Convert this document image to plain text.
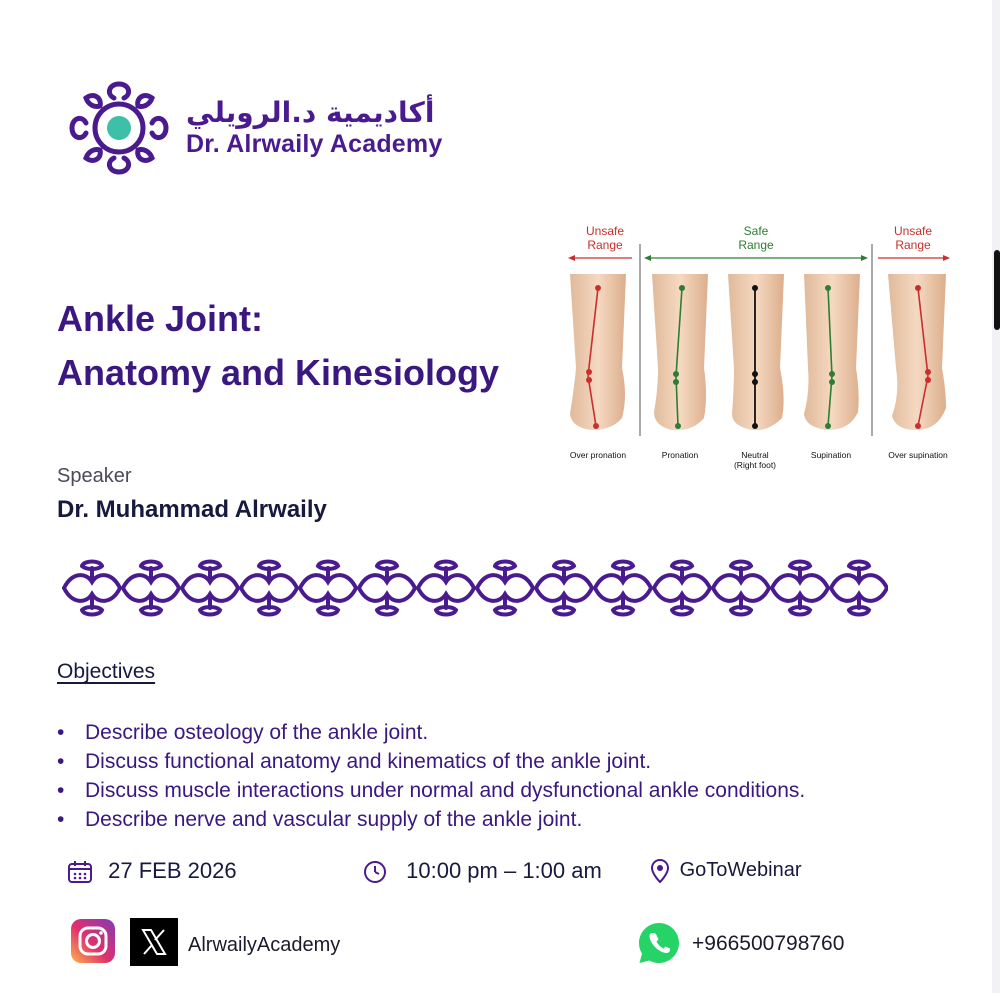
أكاديمية د.الرويلي
Dr. Alrwaily Academy
Ankle Joint:
Anatomy and Kinesiology
Unsafe
Range
Safe
Range
Unsafe
Range
Over pronation	Pronation	Neutral
(Right foot)
Supination	Over supination
Speaker
Dr. Muhammad Alrwaily
Objectives
• Describe osteology of the ankle joint.
• Discuss functional anatomy and kinematics of the ankle joint.
• Discuss muscle interactions under normal and dysfunctional ankle conditions.
• Describe nerve and vascular supply of the ankle joint.
27 FEB 2026	10:00 pm – 1:00 am	GoToWebinar
AlrwailyAcademy	+966500798760
